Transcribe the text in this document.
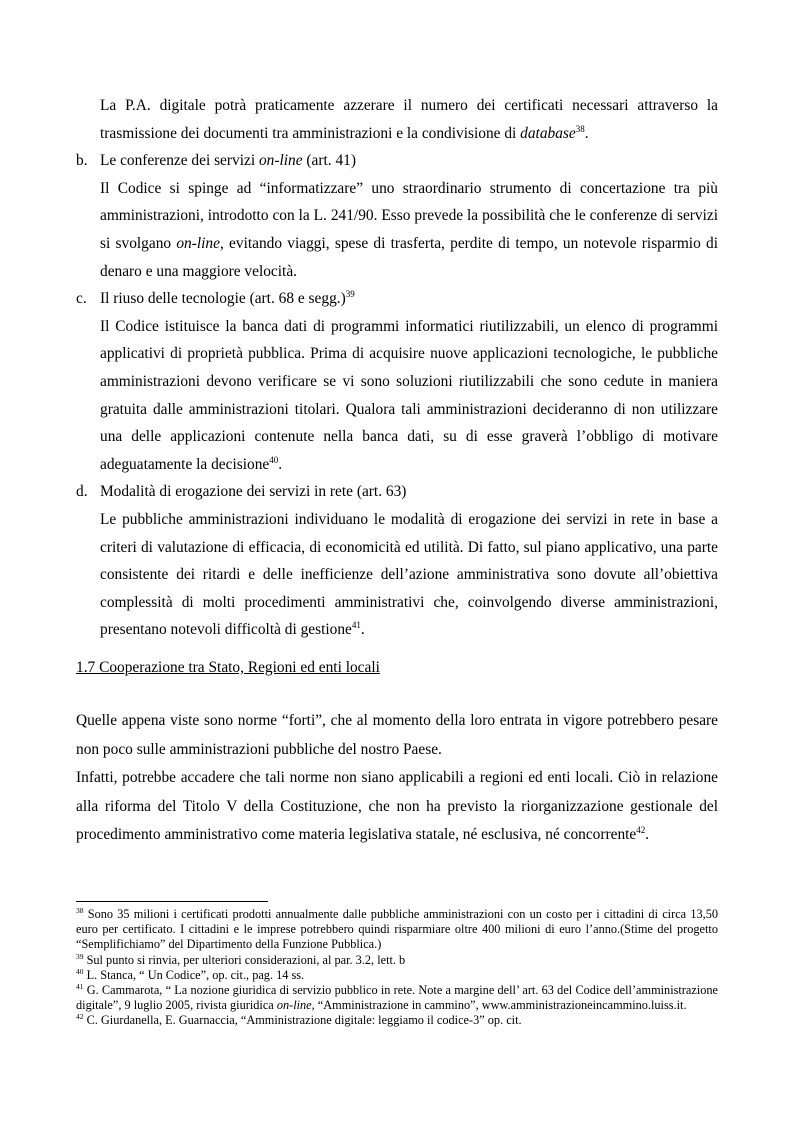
La P.A. digitale potrà praticamente azzerare il numero dei certificati necessari attraverso la trasmissione dei documenti tra amministrazioni e la condivisione di database$^{38}$.

b. Le conferenze dei servizi on-line (art. 41)

Il Codice si spinge ad “informatizzare” uno straordinario strumento di concertazione tra più amministrazioni, introdotto con la L. 241/90. Esso prevede la possibilità che le conferenze di servizi si svolgano on-line, evitando viaggi, spese di trasferta, perdite di tempo, un notevole risparmio di denaro e una maggiore velocità.

c. Il riuso delle tecnologie (art. 68 e segg.)$^{39}$

Il Codice istituisce la banca dati di programmi informatici riutilizzabili, un elenco di programmi applicativi di proprietà pubblica. Prima di acquisire nuove applicazioni tecnologiche, le pubbliche amministrazioni devono verificare se vi sono soluzioni riutilizzabili che sono cedute in maniera gratuita dalle amministrazioni titolari. Qualora tali amministrazioni decideranno di non utilizzare una delle applicazioni contenute nella banca dati, su di esse graverà l’obbligo di motivare adeguatamente la decisione$^{40}$.

d. Modalità di erogazione dei servizi in rete (art. 63)

Le pubbliche amministrazioni individuano le modalità di erogazione dei servizi in rete in base a criteri di valutazione di efficacia, di economicità ed utilità. Di fatto, sul piano applicativo, una parte consistente dei ritardi e delle inefficienze dell’azione amministrativa sono dovute all’obiettiva complessità di molti procedimenti amministrativi che, coinvolgendo diverse amministrazioni, presentano notevoli difficoltà di gestione$^{41}$.

1.7 Cooperazione tra Stato, Regioni ed enti locali

Quelle appena viste sono norme “forti”, che al momento della loro entrata in vigore potrebbero pesare non poco sulle amministrazioni pubbliche del nostro Paese.

Infatti, potrebbe accadere che tali norme non siano applicabili a regioni ed enti locali. Ciò in relazione alla riforma del Titolo V della Costituzione, che non ha previsto la riorganizzazione gestionale del procedimento amministrativo come materia legislativa statale, né esclusiva, né concorrente$^{42}$.

$^{38}$ Sono 35 milioni i certificati prodotti annualmente dalle pubbliche amministrazioni con un costo per i cittadini di circa 13,50 euro per certificato. I cittadini e le imprese potrebbero quindi risparmiare oltre 400 milioni di euro l’anno.(Stime del progetto “Semplifichiamo” del Dipartimento della Funzione Pubblica.)

$^{39}$ Sul punto si rinvia, per ulteriori considerazioni, al par. 3.2, lett. b

$^{40}$ L. Stanca, “ Un Codice”, op. cit., pag. 14 ss.

$^{41}$ G. Cammarota, “ La nozione giuridica di servizio pubblico in rete. Note a margine dell’ art. 63 del Codice dell’amministrazione digitale”, 9 luglio 2005, rivista giuridica on-line, “Amministrazione in cammino”, www.amministrazioneincammino.luiss.it.

$^{42}$ C. Giurdanella, E. Guarnaccia, “Amministrazione digitale: leggiamo il codice-3” op. cit.
